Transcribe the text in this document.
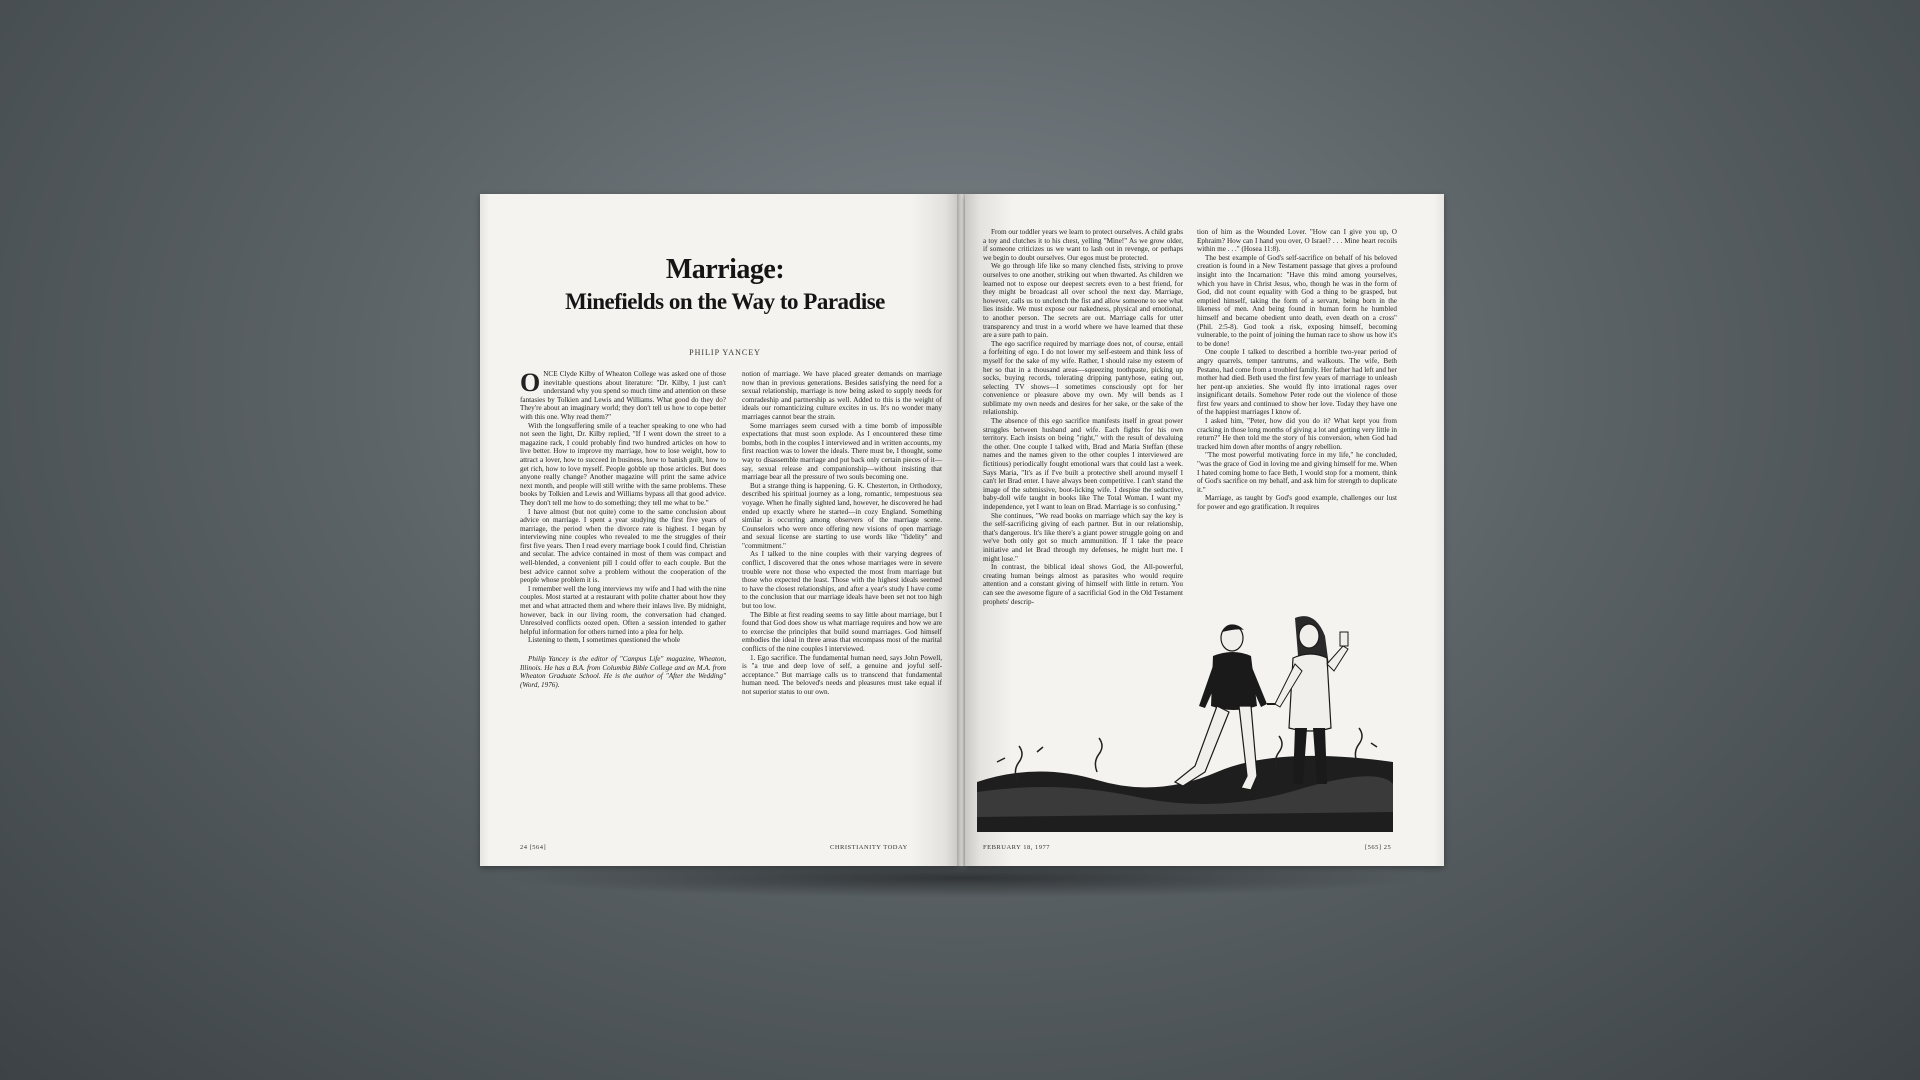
Marriage:
Minefields on the Way to Paradise
PHILIP YANCEY

ONCE Clyde Kilby of Wheaton College was asked one of those inevitable questions about literature: "Dr. Kilby, I just can't understand why you spend so much time and attention on these fantasies by Tolkien and Lewis and Williams. What good do they do? They're about an imaginary world; they don't tell us how to cope better with this one. Why read them?"

With the longsuffering smile of a teacher speaking to one who had not seen the light, Dr. Kilby replied, "If I went down the street to a magazine rack, I could probably find two hundred articles on how to live better. How to improve my marriage, how to lose weight, how to attract a lover, how to succeed in business, how to banish guilt, how to get rich, how to love myself. People gobble up those articles. But does anyone really change? Another magazine will print the same advice next month, and people will still writhe with the same problems. These books by Tolkien and Lewis and Williams bypass all that good advice. They don't tell me how to do something; they tell me what to be."

I have almost (but not quite) come to the same conclusion about advice on marriage. I spent a year studying the first five years of marriage, the period when the divorce rate is highest. I began by interviewing nine couples who revealed to me the struggles of their first five years. Then I read every marriage book I could find, Christian and secular. The advice contained in most of them was compact and well-blended, a convenient pill I could offer to each couple. But the best advice cannot solve a problem without the cooperation of the people whose problem it is.

I remember well the long interviews my wife and I had with the nine couples. Most started at a restaurant with polite chatter about how they met and what attracted them and where their inlaws live. By midnight, however, back in our living room, the conversation had changed. Unresolved conflicts oozed open. Often a session intended to gather helpful information for others turned into a plea for help.

Listening to them, I sometimes questioned the whole

Philip Yancey is the editor of "Campus Life" magazine, Wheaton, Illinois. He has a B.A. from Columbia Bible College and an M.A. from Wheaton Graduate School. He is the author of "After the Wedding" (Word, 1976).

notion of marriage. We have placed greater demands on marriage now than in previous generations. Besides satisfying the need for a sexual relationship, marriage is now being asked to supply needs for comradeship and partnership as well. Added to this is the weight of ideals our romanticizing culture excites in us. It's no wonder many marriages cannot bear the strain.

Some marriages seem cursed with a time bomb of impossible expectations that must soon explode. As I encountered these time bombs, both in the couples I interviewed and in written accounts, my first reaction was to lower the ideals. There must be, I thought, some way to disassemble marriage and put back only certain pieces of it—say, sexual release and companionship—without insisting that marriage bear all the pressure of two souls becoming one.

But a strange thing is happening. G. K. Chesterton, in Orthodoxy, described his spiritual journey as a long, romantic, tempestuous sea voyage. When he finally sighted land, however, he discovered he had ended up exactly where he started—in cozy England. Something similar is occurring among observers of the marriage scene. Counselors who were once offering new visions of open marriage and sexual license are starting to use words like "fidelity" and "commitment."

As I talked to the nine couples with their varying degrees of conflict, I discovered that the ones whose marriages were in severe trouble were not those who expected the most from marriage but those who expected the least. Those with the highest ideals seemed to have the closest relationships, and after a year's study I have come to the conclusion that our marriage ideals have been set not too high but too low.

The Bible at first reading seems to say little about marriage, but I found that God does show us what marriage requires and how we are to exercise the principles that build sound marriages. God himself embodies the ideal in three areas that encompass most of the marital conflicts of the nine couples I interviewed.

1. Ego sacrifice. The fundamental human need, says John Powell, is "a true and deep love of self, a genuine and joyful self-acceptance." But marriage calls us to transcend that fundamental human need. The beloved's needs and pleasures must take equal if not superior status to our own.

24 [564]	CHRISTIANITY TODAY

From our toddler years we learn to protect ourselves. A child grabs a toy and clutches it to his chest, yelling "Mine!" As we grow older, if someone criticizes us we want to lash out in revenge, or perhaps we begin to doubt ourselves. Our egos must be protected.

We go through life like so many clenched fists, striving to prove ourselves to one another, striking out when thwarted. As children we learned not to expose our deepest secrets even to a best friend, for they might be broadcast all over school the next day. Marriage, however, calls us to unclench the fist and allow someone to see what lies inside. We must expose our nakedness, physical and emotional, to another person. The secrets are out. Marriage calls for utter transparency and trust in a world where we have learned that these are a sure path to pain.

The ego sacrifice required by marriage does not, of course, entail a forfeiting of ego. I do not lower my self-esteem and think less of myself for the sake of my wife. Rather, I should raise my esteem of her so that in a thousand areas—squeezing toothpaste, picking up socks, buying records, tolerating dripping pantyhose, eating out, selecting TV shows—I sometimes consciously opt for her convenience or pleasure above my own. My will bends as I sublimate my own needs and desires for her sake, or the sake of the relationship.

The absence of this ego sacrifice manifests itself in great power struggles between husband and wife. Each fights for his own territory. Each insists on being "right," with the result of devaluing the other. One couple I talked with, Brad and Maria Steffan (these names and the names given to the other couples I interviewed are fictitious) periodically fought emotional wars that could last a week. Says Maria, "It's as if I've built a protective shell around myself I can't let Brad enter. I have always been competitive. I can't stand the image of the submissive, boot-licking wife. I despise the seductive, baby-doll wife taught in books like The Total Woman. I want my independence, yet I want to lean on Brad. Marriage is so confusing."

She continues, "We read books on marriage which say the key is the self-sacrificing giving of each partner. But in our relationship, that's dangerous. It's like there's a giant power struggle going on and we've both only got so much ammunition. If I take the peace initiative and let Brad through my defenses, he might hurt me. I might lose."

In contrast, the biblical ideal shows God, the All-powerful, creating human beings almost as parasites who would require attention and a constant giving of himself with little in return. You can see the awesome figure of a sacrificial God in the Old Testament prophets' descrip-

tion of him as the Wounded Lover. "How can I give you up, O Ephraim? How can I hand you over, O Israel? . . . Mine heart recoils within me . . ." (Hosea 11:8).

The best example of God's self-sacrifice on behalf of his beloved creation is found in a New Testament passage that gives a profound insight into the Incarnation: "Have this mind among yourselves, which you have in Christ Jesus, who, though he was in the form of God, did not count equality with God a thing to be grasped, but emptied himself, taking the form of a servant, being born in the likeness of men. And being found in human form he humbled himself and became obedient unto death, even death on a cross" (Phil. 2:5-8). God took a risk, exposing himself, becoming vulnerable, to the point of joining the human race to show us how it's to be done!

One couple I talked to described a horrible two-year period of angry quarrels, temper tantrums, and walkouts. The wife, Beth Pestano, had come from a troubled family. Her father had left and her mother had died. Beth used the first few years of marriage to unleash her pent-up anxieties. She would fly into irrational rages over insignificant details. Somehow Peter rode out the violence of those first few years and continued to show her love. Today they have one of the happiest marriages I know of.

I asked him, "Peter, how did you do it? What kept you from cracking in those long months of giving a lot and getting very little in return?" He then told me the story of his conversion, when God had tracked him down after months of angry rebellion.

"The most powerful motivating force in my life," he concluded, "was the grace of God in loving me and giving himself for me. When I hated coming home to face Beth, I would stop for a moment, think of God's sacrifice on my behalf, and ask him for strength to duplicate it."

Marriage, as taught by God's good example, challenges our lust for power and ego gratification. It requires

FEBRUARY 18, 1977	[565] 25
